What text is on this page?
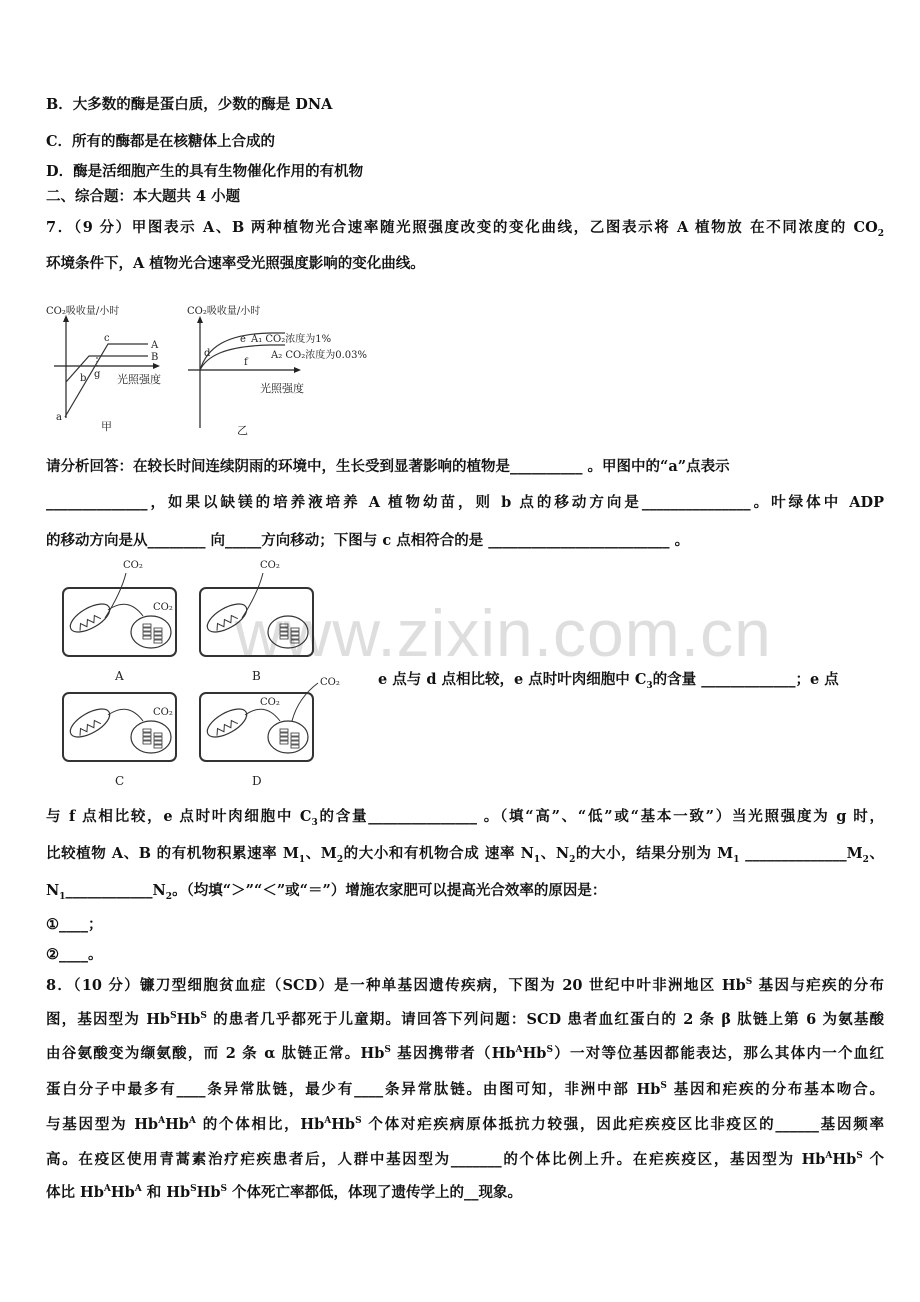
www.zixin.com.cn
B．大多数的酶是蛋白质，少数的酶是 DNA
C．所有的酶都是在核糖体上合成的
D．酶是活细胞产生的具有生物催化作用的有机物
二、综合题：本大题共 4 小题
7．（9 分）甲图表示 A、B 两种植物光合速率随光照强度改变的变化曲线，乙图表示将 A 植物放 在不同浓度的 $CO_2$
环境条件下，A 植物光合速率受光照强度影响的变化曲线。
请分析回答：在较长时间连续阴雨的环境中，生长受到显著影响的植物是__________ 。甲图中的“a”点表示
______________，如果以缺镁的培养液培养 A 植物幼苗，则 b 点的移动方向是_______________。叶绿体中 ADP
的移动方向是从________ 向_____方向移动；下图与 c 点相符合的是 _________________________ 。
e 点与 d 点相比较，e 点时叶肉细胞中 $C_3$的含量 _____________；e 点
与 f 点相比较，e 点时叶肉细胞中 $C_3$的含量_______________ 。（填“高”、“低”或“基本一致”）当光照强度为 g 时，
比较植物 A、B 的有机物积累速率 $M_1$、$M_2$的大小和有机物合成 速率 $N_1$、$N_2$的大小，结果分别为 $M_1$ $\_\_\_\_\_\_\_\_\_\_\_\_\_\_M_2$、
$N_1\_\_\_\_\_\_\_\_\_\_\_\_N_2$。（均填“＞”“＜”或“＝”）增施农家肥可以提高光合效率的原因是：
①____；
②____。
8．（10 分）镰刀型细胞贫血症（SCD）是一种单基因遗传疾病，下图为 20 世纪中叶非洲地区 $Hb^S$ 基因与疟疾的分布
图，基因型为 $Hb^SHb^S$ 的患者几乎都死于儿童期。请回答下列问题：SCD 患者血红蛋白的 2 条 β 肽链上第 6 为氨基酸
由谷氨酸变为缬氨酸，而 2 条 α 肽链正常。$Hb^S$ 基因携带者$(Hb^AHb^S)$一对等位基因都能表达，那么其体内一个血红
蛋白分子中最多有____条异常肽链，最少有____条异常肽链。由图可知，非洲中部 $Hb^S$ 基因和疟疾的分布基本吻合。
与基因型为 $Hb^AHb^A$ 的个体相比，$Hb^AHb^S$ 个体对疟疾病原体抵抗力较强，因此疟疾疫区比非疫区的______基因频率
高。在疫区使用青蒿素治疗疟疾患者后，人群中基因型为_______的个体比例上升。在疟疾疫区，基因型为 $Hb^AHb^S$ 个
体比 $Hb^AHb^A$ 和 $Hb^SHb^S$ 个体死亡率都低，体现了遗传学上的__现象。
CO₂吸收量/小时
A
B
a
b
c
g 光照强度
甲
CO₂吸收量/小时
d
e
f
A₁ CO₂浓度为1%
A₂ CO₂浓度为0.03%
光照强度
乙
A
CO₂
CO₂
B
CO₂
C
CO₂
D
CO₂
CO₂
